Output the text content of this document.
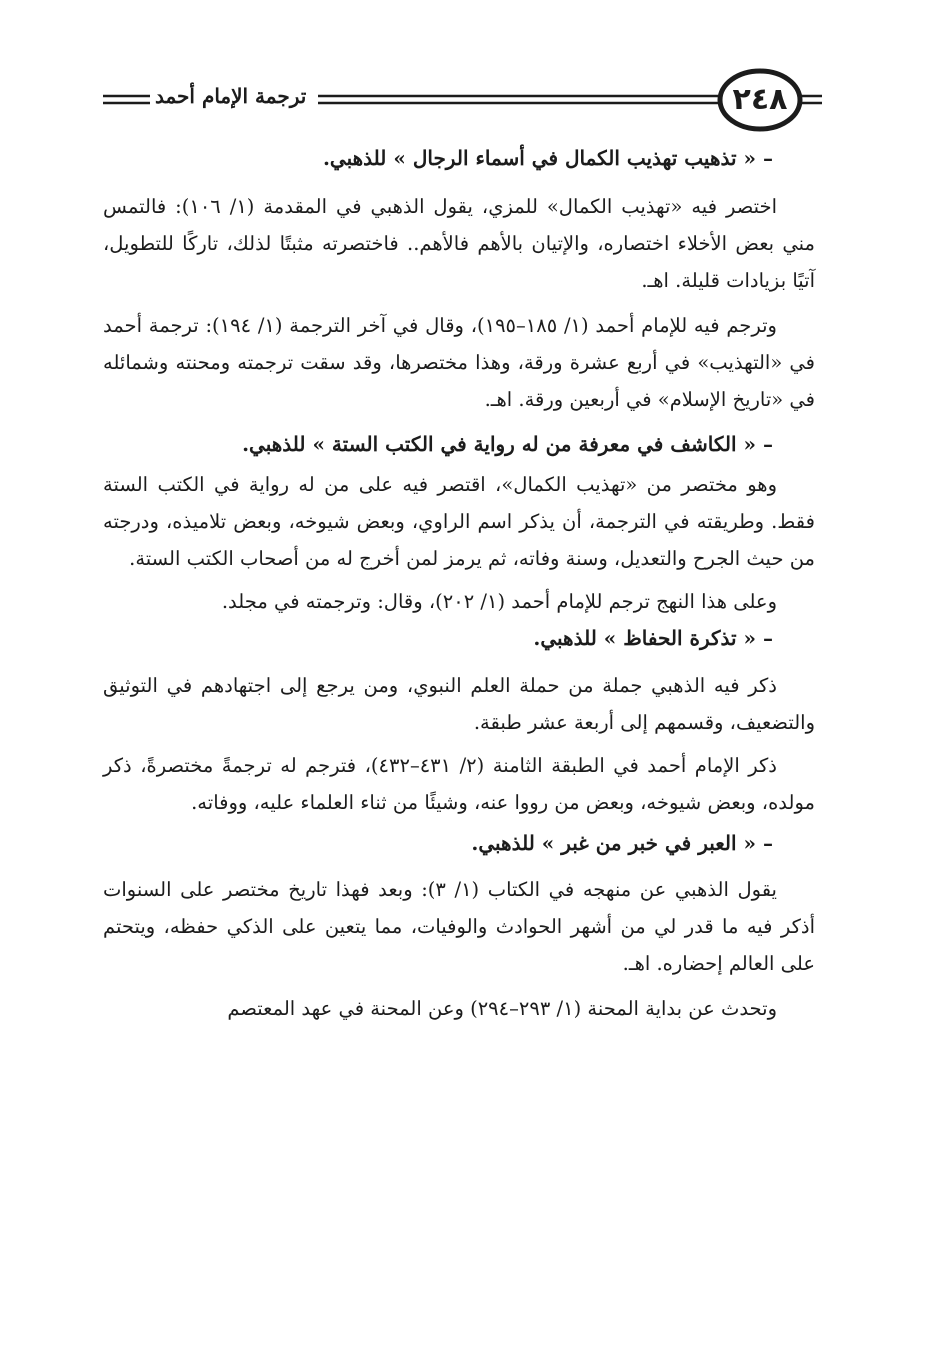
ترجمة الإمام أحمد	٢٤٨

– « تذهيب تهذيب الكمال في أسماء الرجال » للذهبي.

اختصر فيه «تهذيب الكمال» للمزي، يقول الذهبي في المقدمة (١/ ١٠٦): فالتمس مني بعض الأخلاء اختصاره، والإتيان بالأهم فالأهم.. فاختصرته مثبتًا لذلك، تاركًا للتطويل، آتيًا بزيادات قليلة. اهـ.

وترجم فيه للإمام أحمد (١/ ١٨٥–١٩٥)، وقال في آخر الترجمة (١/ ١٩٤): ترجمة أحمد في «التهذيب» في أربع عشرة ورقة، وهذا مختصرها، وقد سقت ترجمته ومحنته وشمائله في «تاريخ الإسلام» في أربعين ورقة. اهـ.

– « الكاشف في معرفة من له رواية في الكتب الستة » للذهبي.

وهو مختصر من «تهذيب الكمال»، اقتصر فيه على من له رواية في الكتب الستة فقط. وطريقته في الترجمة، أن يذكر اسم الراوي، وبعض شيوخه، وبعض تلاميذه، ودرجته من حيث الجرح والتعديل، وسنة وفاته، ثم يرمز لمن أخرج له من أصحاب الكتب الستة.

وعلى هذا النهج ترجم للإمام أحمد (١/ ٢٠٢)، وقال: وترجمته في مجلد.

– « تذكرة الحفاظ » للذهبي.

ذكر فيه الذهبي جملة من حملة العلم النبوي، ومن يرجع إلى اجتهادهم في التوثيق والتضعيف، وقسمهم إلى أربعة عشر طبقة.

ذكر الإمام أحمد في الطبقة الثامنة (٢/ ٤٣١–٤٣٢)، فترجم له ترجمةً مختصرةً، ذكر مولده، وبعض شيوخه، وبعض من رووا عنه، وشيئًا من ثناء العلماء عليه، ووفاته.

– « العبر في خبر من غبر » للذهبي.

يقول الذهبي عن منهجه في الكتاب (١/ ٣): وبعد فهذا تاريخ مختصر على السنوات أذكر فيه ما قدر لي من أشهر الحوادث والوفيات، مما يتعين على الذكي حفظه، ويتحتم على العالم إحضاره. اهـ.

وتحدث عن بداية المحنة (١/ ٢٩٣–٢٩٤) وعن المحنة في عهد المعتصم
